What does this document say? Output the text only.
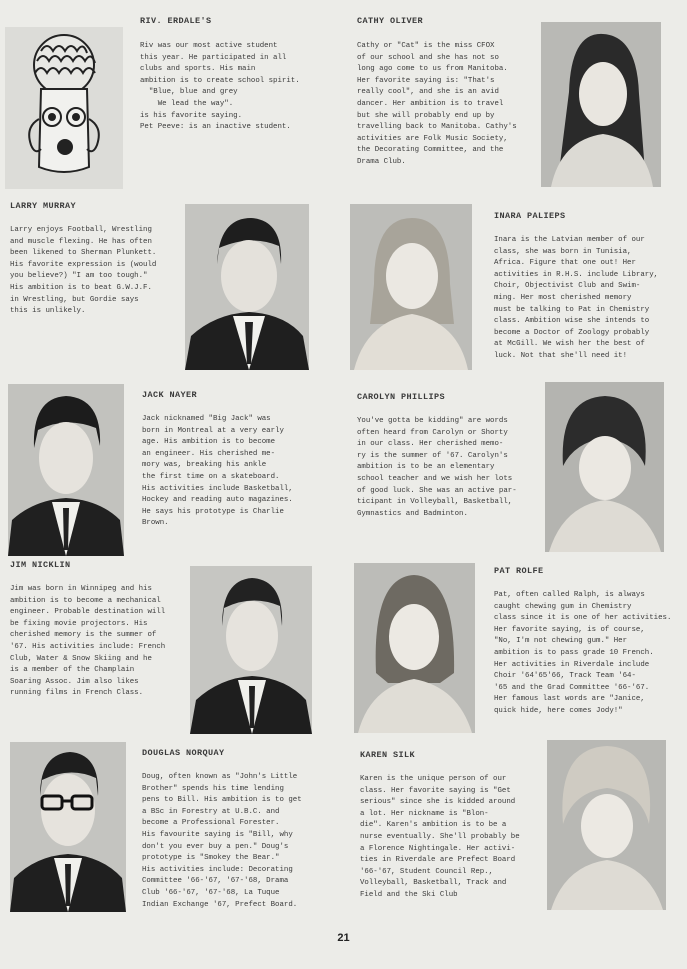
RIV. ERDALE'S
Riv was our most active student
this year. He participated in all
clubs and sports. His main
ambition is to create school spirit.
"Blue, blue and grey
We lead the way".
is his favorite saying.
Pet Peeve: is an inactive student.
CATHY OLIVER
Cathy or "Cat" is the miss CFOX
of our school and she has not so
long ago come to us from Manitoba.
Her favorite saying is: "That's
really cool", and she is an avid
dancer. Her ambition is to travel
but she will probably end up by
travelling back to Manitoba. Cathy's
activities are Folk Music Society,
the Decorating Committee, and the
Drama Club.
LARRY MURRAY
Larry enjoys Football, Wrestling
and muscle flexing. He has often
been likened to Sherman Plunkett.
His favorite expression is (would
you believe?) "I am too tough."
His ambition is to beat G.W.J.F.
in Wrestling, but Gordie says
this is unlikely.
INARA PALIEPS
Inara is the Latvian member of our
class, she was born in Tunisia,
Africa. Figure that one out! Her
activities in R.H.S. include Library,
Choir, Objectivist Club and Swim-
ming. Her most cherished memory
must be talking to Pat in Chemistry
class. Ambition wise she intends to
become a Doctor of Zoology probably
at McGill. We wish her the best of
luck. Not that she'll need it!
JACK NAYER
Jack nicknamed "Big Jack" was
born in Montreal at a very early
age. His ambition is to become
an engineer. His cherished me-
mory was, breaking his ankle
the first time on a skateboard.
His activities include Basketball,
Hockey and reading auto magazines.
He says his prototype is Charlie
Brown.
CAROLYN PHILLIPS
You've gotta be kidding" are words
often heard from Carolyn or Shorty
in our class. Her cherished memo-
ry is the summer of '67. Carolyn's
ambition is to be an elementary
school teacher and we wish her lots
of good luck. She was an active par-
ticipant in Volleyball, Basketball,
Gymnastics and Badminton.
JIM NICKLIN
Jim was born in Winnipeg and his
ambition is to become a mechanical
engineer. Probable destination will
be fixing movie projectors. His
cherished memory is the summer of
'67. His activities include: French
Club, Water & Snow Skiing and he
is a member of the Champlain
Soaring Assoc. Jim also likes
running films in French Class.
PAT ROLFE
Pat, often called Ralph, is always
caught chewing gum in Chemistry
class since it is one of her activities.
Her favorite saying, is of course,
"No, I'm not chewing gum." Her
ambition is to pass grade 10 French.
Her activities in Riverdale include
Choir '64'65'66, Track Team '64-
'65 and the Grad Committee '66-'67.
Her famous last words are "Janice,
quick hide, here comes Jody!"
DOUGLAS NORQUAY
Doug, often known as "John's Little
Brother" spends his time lending
pens to Bill. His ambition is to get
a BSc in Forestry at U.B.C. and
become a Professional Forester.
His favourite saying is "Bill, why
don't you ever buy a pen." Doug's
prototype is "Smokey the Bear."
His activities include: Decorating
Committee '66-'67, '67-'68, Drama
Club '66-'67, '67-'68, La Tuque
Indian Exchange '67, Prefect Board.
KAREN SILK
Karen is the unique person of our
class. Her favorite saying is "Get
serious" since she is kidded around
a lot. Her nickname is "Blon-
die". Karen's ambition is to be a
nurse eventually. She'll probably be
a Florence Nightingale. Her activi-
ties in Riverdale are Prefect Board
'66-'67, Student Council Rep.,
Volleyball, Basketball, Track and
Field and the Ski Club
21
